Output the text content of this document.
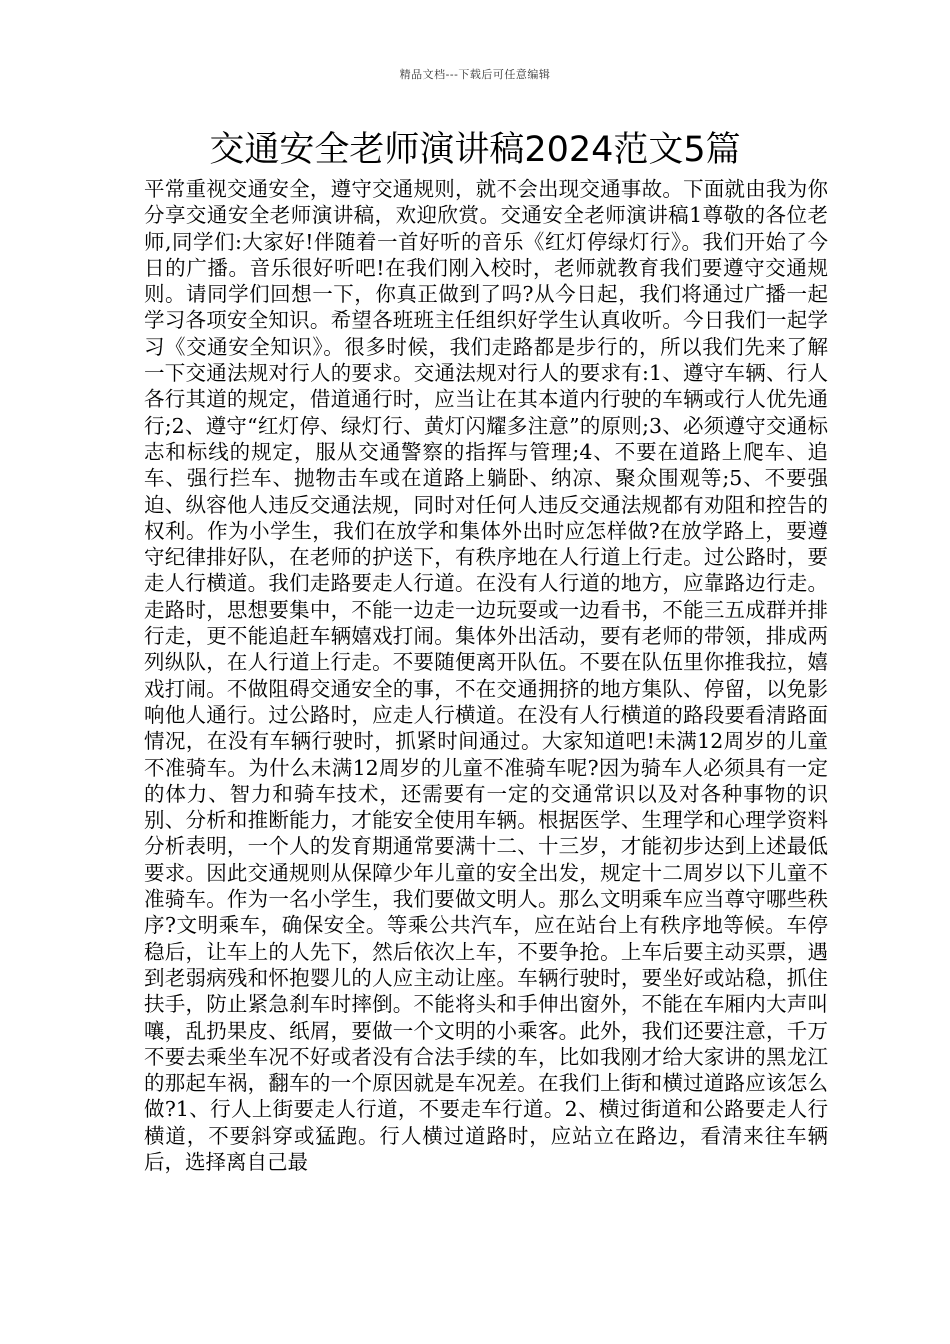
精品文档---下载后可任意编辑
交通安全老师演讲稿2024范文5篇

平常重视交通安全，遵守交通规则，就不会出现交通事故。下面就由我为你分享交通安全老师演讲稿，欢迎欣赏。交通安全老师演讲稿1尊敬的各位老师,同学们:大家好!伴随着一首好听的音乐《红灯停绿灯行》。我们开始了今日的广播。音乐很好听吧!在我们刚入校时，老师就教育我们要遵守交通规则。请同学们回想一下，你真正做到了吗?从今日起，我们将通过广播一起学习各项安全知识。希望各班班主任组织好学生认真收听。今日我们一起学习《交通安全知识》。很多时候，我们走路都是步行的，所以我们先来了解一下交通法规对行人的要求。交通法规对行人的要求有:1、遵守车辆、行人各行其道的规定，借道通行时，应当让在其本道内行驶的车辆或行人优先通行;2、遵守“红灯停、绿灯行、黄灯闪耀多注意”的原则;3、必须遵守交通标志和标线的规定，服从交通警察的指挥与管理;4、不要在道路上爬车、追车、强行拦车、抛物击车或在道路上躺卧、纳凉、聚众围观等;5、不要强迫、纵容他人违反交通法规，同时对任何人违反交通法规都有劝阻和控告的权利。作为小学生，我们在放学和集体外出时应怎样做?在放学路上，要遵守纪律排好队，在老师的护送下，有秩序地在人行道上行走。过公路时，要走人行横道。我们走路要走人行道。在没有人行道的地方，应靠路边行走。走路时，思想要集中，不能一边走一边玩耍或一边看书，不能三五成群并排行走，更不能追赶车辆嬉戏打闹。集体外出活动，要有老师的带领，排成两列纵队，在人行道上行走。不要随便离开队伍。不要在队伍里你推我拉，嬉戏打闹。不做阻碍交通安全的事，不在交通拥挤的地方集队、停留，以免影响他人通行。过公路时，应走人行横道。在没有人行横道的路段要看清路面情况，在没有车辆行驶时，抓紧时间通过。大家知道吧!未满12周岁的儿童不准骑车。为什么未满12周岁的儿童不准骑车呢?因为骑车人必须具有一定的体力、智力和骑车技术，还需要有一定的交通常识以及对各种事物的识别、分析和推断能力，才能安全使用车辆。根据医学、生理学和心理学资料分析表明，一个人的发育期通常要满十二、十三岁，才能初步达到上述最低要求。因此交通规则从保障少年儿童的安全出发，规定十二周岁以下儿童不准骑车。作为一名小学生，我们要做文明人。那么文明乘车应当尊守哪些秩序?文明乘车，确保安全。等乘公共汽车，应在站台上有秩序地等候。车停稳后，让车上的人先下，然后依次上车，不要争抢。上车后要主动买票，遇到老弱病残和怀抱婴儿的人应主动让座。车辆行驶时，要坐好或站稳，抓住扶手，防止紧急刹车时摔倒。不能将头和手伸出窗外，不能在车厢内大声叫嚷，乱扔果皮、纸屑，要做一个文明的小乘客。此外，我们还要注意，千万不要去乘坐车况不好或者没有合法手续的车，比如我刚才给大家讲的黑龙江的那起车祸，翻车的一个原因就是车况差。在我们上街和横过道路应该怎么做?1、行人上街要走人行道，不要走车行道。2、横过街道和公路要走人行横道，不要斜穿或猛跑。行人横过道路时，应站立在路边，看清来往车辆后，选择离自己最
